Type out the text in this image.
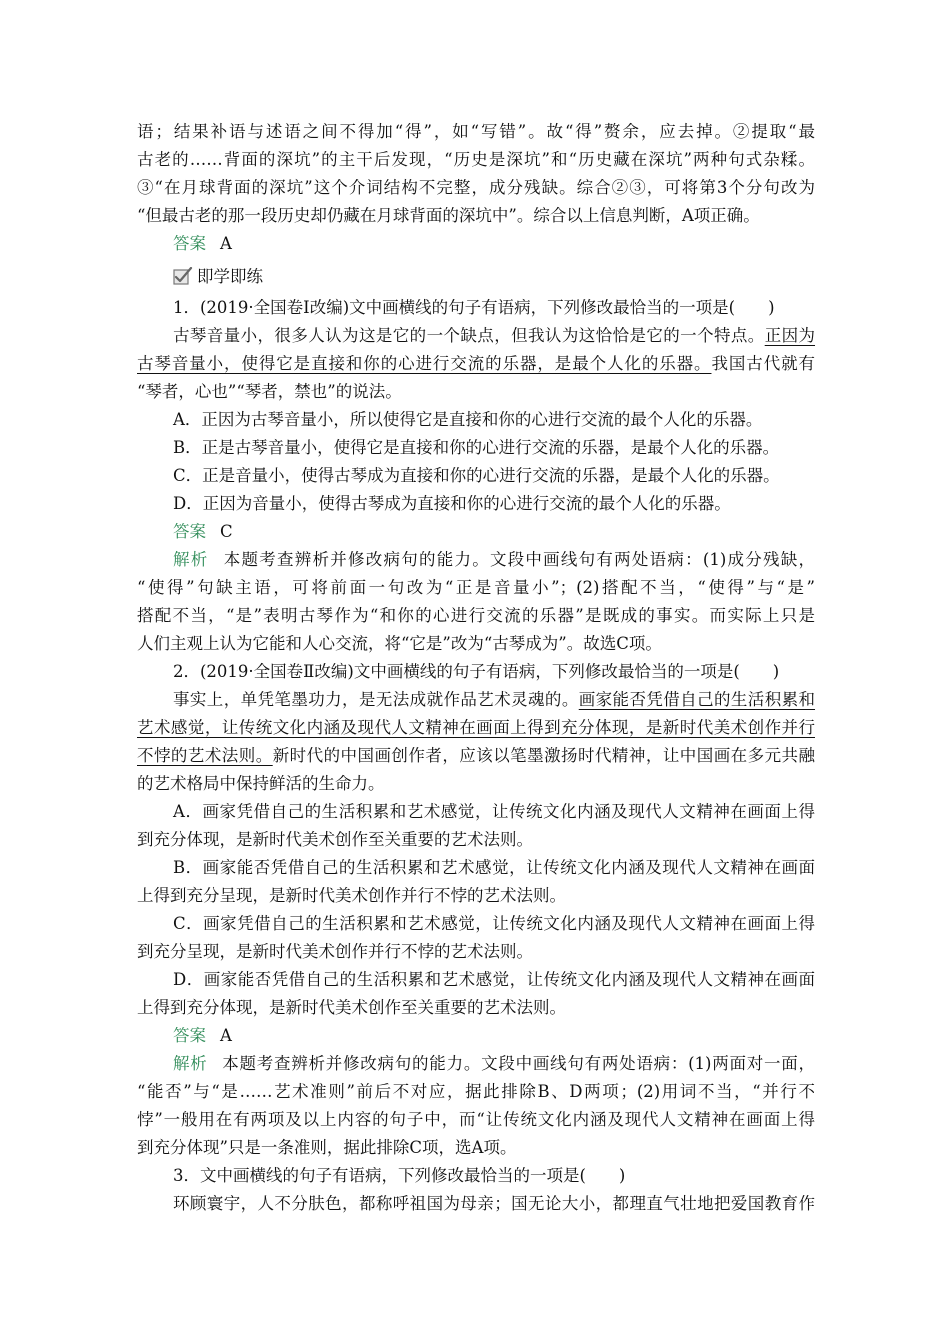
语；结果补语与述语之间不得加“得”，如“写错”。故“得”赘余，应去掉。②提取“最
古老的……背面的深坑”的主干后发现，“历史是深坑”和“历史藏在深坑”两种句式杂糅。
③“在月球背面的深坑”这个介词结构不完整，成分残缺。综合②③，可将第3个分句改为
“但最古老的那一段历史却仍藏在月球背面的深坑中”。综合以上信息判断，A项正确。
答案 A
即学即练
1．(2019·全国卷Ⅰ改编)文中画横线的句子有语病，下列修改最恰当的一项是(　　)
古琴音量小，很多人认为这是它的一个缺点，但我认为这恰恰是它的一个特点。正因为
古琴音量小，使得它是直接和你的心进行交流的乐器，是最个人化的乐器。我国古代就有
“琴者，心也”“琴者，禁也”的说法。
A．正因为古琴音量小，所以使得它是直接和你的心进行交流的最个人化的乐器。
B．正是古琴音量小，使得它是直接和你的心进行交流的乐器，是最个人化的乐器。
C．正是音量小，使得古琴成为直接和你的心进行交流的乐器，是最个人化的乐器。
D．正因为音量小，使得古琴成为直接和你的心进行交流的最个人化的乐器。
答案 C
解析 本题考查辨析并修改病句的能力。文段中画线句有两处语病：(1)成分残缺，
“使得”句缺主语，可将前面一句改为“正是音量小”；(2)搭配不当，“使得”与“是”
搭配不当，“是”表明古琴作为“和你的心进行交流的乐器”是既成的事实。而实际上只是
人们主观上认为它能和人心交流，将“它是”改为“古琴成为”。故选C项。
2．(2019·全国卷Ⅱ改编)文中画横线的句子有语病，下列修改最恰当的一项是(　　)
事实上，单凭笔墨功力，是无法成就作品艺术灵魂的。画家能否凭借自己的生活积累和
艺术感觉，让传统文化内涵及现代人文精神在画面上得到充分体现，是新时代美术创作并行
不悖的艺术法则。新时代的中国画创作者，应该以笔墨激扬时代精神，让中国画在多元共融
的艺术格局中保持鲜活的生命力。
A．画家凭借自己的生活积累和艺术感觉，让传统文化内涵及现代人文精神在画面上得
到充分体现，是新时代美术创作至关重要的艺术法则。
B．画家能否凭借自己的生活积累和艺术感觉，让传统文化内涵及现代人文精神在画面
上得到充分呈现，是新时代美术创作并行不悖的艺术法则。
C．画家凭借自己的生活积累和艺术感觉，让传统文化内涵及现代人文精神在画面上得
到充分呈现，是新时代美术创作并行不悖的艺术法则。
D．画家能否凭借自己的生活积累和艺术感觉，让传统文化内涵及现代人文精神在画面
上得到充分体现，是新时代美术创作至关重要的艺术法则。
答案 A
解析 本题考查辨析并修改病句的能力。文段中画线句有两处语病：(1)两面对一面，
“能否”与“是……艺术准则”前后不对应，据此排除B、D两项；(2)用词不当，“并行不
悖”一般用在有两项及以上内容的句子中，而“让传统文化内涵及现代人文精神在画面上得
到充分体现”只是一条准则，据此排除C项，选A项。
3．文中画横线的句子有语病，下列修改最恰当的一项是(　　)
环顾寰宇，人不分肤色，都称呼祖国为母亲；国无论大小，都理直气壮地把爱国教育作
